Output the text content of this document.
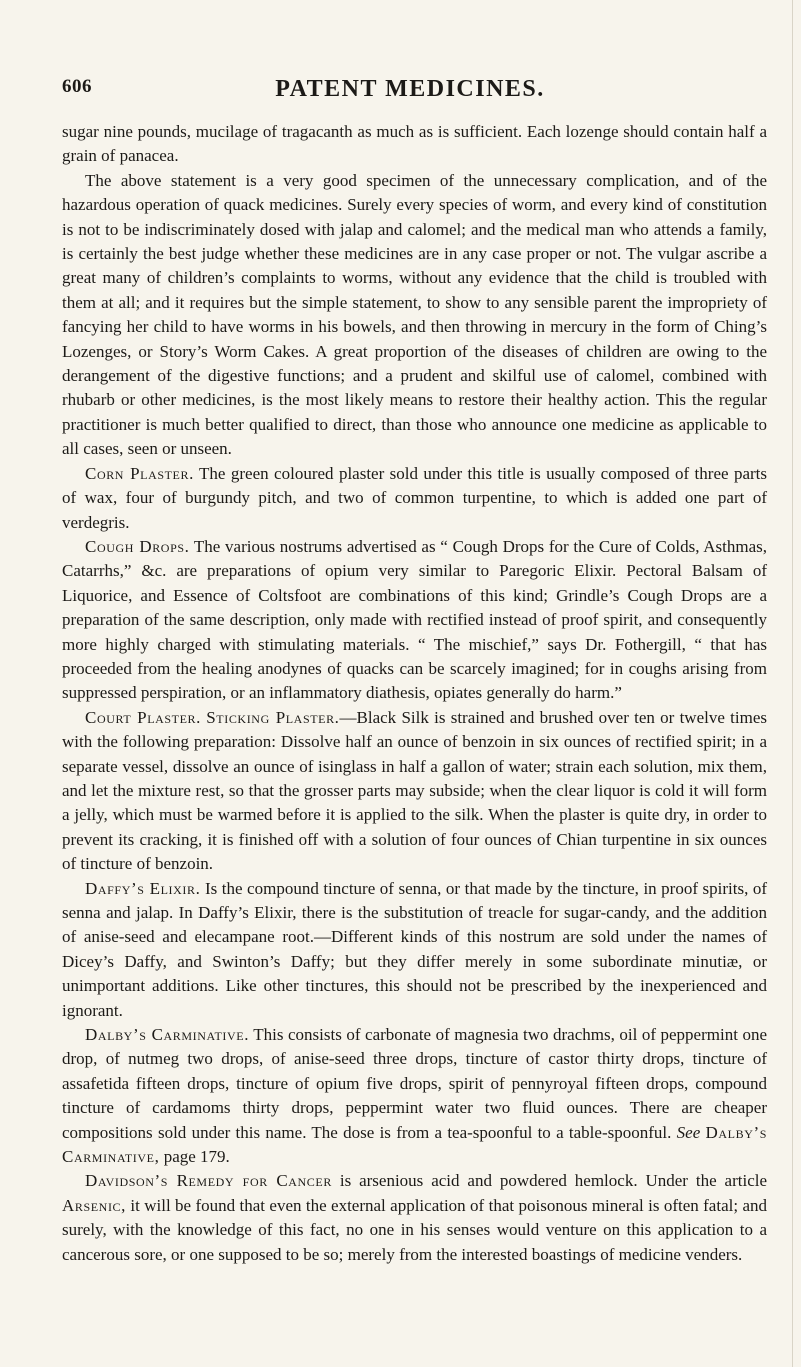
606	PATENT MEDICINES.

sugar nine pounds, mucilage of tragacanth as much as is sufficient. Each lozenge should contain half a grain of panacea.

The above statement is a very good specimen of the unnecessary complication, and of the hazardous operation of quack medicines. Surely every species of worm, and every kind of constitution is not to be indiscriminately dosed with jalap and calomel; and the medical man who attends a family, is certainly the best judge whether these medicines are in any case proper or not. The vulgar ascribe a great many of children’s complaints to worms, without any evidence that the child is troubled with them at all; and it requires but the simple statement, to show to any sensible parent the impropriety of fancying her child to have worms in his bowels, and then throwing in mercury in the form of Ching’s Lozenges, or Story’s Worm Cakes. A great proportion of the diseases of children are owing to the derangement of the digestive functions; and a prudent and skilful use of calomel, combined with rhubarb or other medicines, is the most likely means to restore their healthy action. This the regular practitioner is much better qualified to direct, than those who announce one medicine as applicable to all cases, seen or unseen.

Corn Plaster. The green coloured plaster sold under this title is usually composed of three parts of wax, four of burgundy pitch, and two of common turpentine, to which is added one part of verdegris.

Cough Drops. The various nostrums advertised as “ Cough Drops for the Cure of Colds, Asthmas, Catarrhs,” &c. are preparations of opium very similar to Paregoric Elixir. Pectoral Balsam of Liquorice, and Essence of Coltsfoot are combinations of this kind; Grindle’s Cough Drops are a preparation of the same description, only made with rectified instead of proof spirit, and consequently more highly charged with stimulating materials. “ The mischief,” says Dr. Fothergill, “ that has proceeded from the healing anodynes of quacks can be scarcely imagined; for in coughs arising from suppressed perspiration, or an inflammatory diathesis, opiates generally do harm.”

Court Plaster. Sticking Plaster.—Black Silk is strained and brushed over ten or twelve times with the following preparation: Dissolve half an ounce of benzoin in six ounces of rectified spirit; in a separate vessel, dissolve an ounce of isinglass in half a gallon of water; strain each solution, mix them, and let the mixture rest, so that the grosser parts may subside; when the clear liquor is cold it will form a jelly, which must be warmed before it is applied to the silk. When the plaster is quite dry, in order to prevent its cracking, it is finished off with a solution of four ounces of Chian turpentine in six ounces of tincture of benzoin.

Daffy’s Elixir. Is the compound tincture of senna, or that made by the tincture, in proof spirits, of senna and jalap. In Daffy’s Elixir, there is the substitution of treacle for sugar-candy, and the addition of anise-seed and elecampane root.—Different kinds of this nostrum are sold under the names of Dicey’s Daffy, and Swinton’s Daffy; but they differ merely in some subordinate minutiæ, or unimportant additions. Like other tinctures, this should not be prescribed by the inexperienced and ignorant.

Dalby’s Carminative. This consists of carbonate of magnesia two drachms, oil of peppermint one drop, of nutmeg two drops, of anise-seed three drops, tincture of castor thirty drops, tincture of assafetida fifteen drops, tincture of opium five drops, spirit of pennyroyal fifteen drops, compound tincture of cardamoms thirty drops, peppermint water two fluid ounces. There are cheaper compositions sold under this name. The dose is from a tea-spoonful to a table-spoonful. See Dalby’s Carminative, page 179.

Davidson’s Remedy for Cancer is arsenious acid and powdered hemlock. Under the article Arsenic, it will be found that even the external application of that poisonous mineral is often fatal; and surely, with the knowledge of this fact, no one in his senses would venture on this application to a cancerous sore, or one supposed to be so; merely from the interested boastings of medicine venders.
